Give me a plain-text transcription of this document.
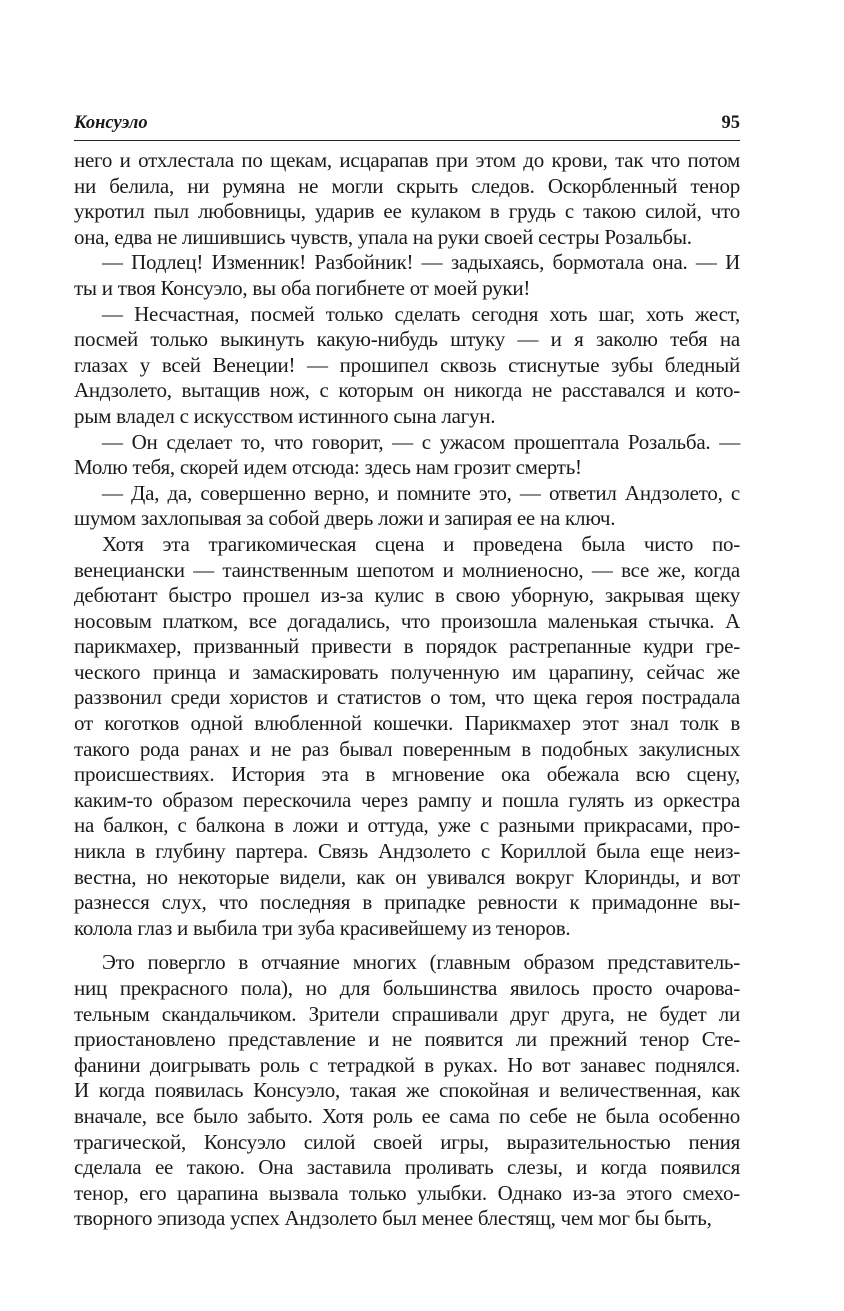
Консуэло	95

него и отхлестала по щекам, исцарапав при этом до крови, так что потом
ни белила, ни румяна не могли скрыть следов. Оскорбленный тенор
укротил пыл любовницы, ударив ее кулаком в грудь с такою силой, что
она, едва не лишившись чувств, упала на руки своей сестры Розальбы.

— Подлец! Изменник! Разбойник! — задыхаясь, бормотала она. — И
ты и твоя Консуэло, вы оба погибнете от моей руки!

— Несчастная, посмей только сделать сегодня хоть шаг, хоть жест,
посмей только выкинуть какую-нибудь штуку — и я заколю тебя на
глазах у всей Венеции! — прошипел сквозь стиснутые зубы бледный
Андзолето, вытащив нож, с которым он никогда не расставался и кото-
рым владел с искусством истинного сына лагун.

— Он сделает то, что говорит, — с ужасом прошептала Розальба. —
Молю тебя, скорей идем отсюда: здесь нам грозит смерть!

— Да, да, совершенно верно, и помните это, — ответил Андзолето, с
шумом захлопывая за собой дверь ложи и запирая ее на ключ.

Хотя эта трагикомическая сцена и проведена была чисто по-
венециански — таинственным шепотом и молниеносно, — все же, когда
дебютант быстро прошел из-за кулис в свою уборную, закрывая щеку
носовым платком, все догадались, что произошла маленькая стычка. А
парикмахер, призванный привести в порядок растрепанные кудри гре-
ческого принца и замаскировать полученную им царапину, сейчас же
раззвонил среди хористов и статистов о том, что щека героя пострадала
от коготков одной влюбленной кошечки. Парикмахер этот знал толк в
такого рода ранах и не раз бывал поверенным в подобных закулисных
происшествиях. История эта в мгновение ока обежала всю сцену,
каким-то образом перескочила через рампу и пошла гулять из оркестра
на балкон, с балкона в ложи и оттуда, уже с разными прикрасами, про-
никла в глубину партера. Связь Андзолето с Кориллой была еще неиз-
вестна, но некоторые видели, как он увивался вокруг Клоринды, и вот
разнесся слух, что последняя в припадке ревности к примадонне вы-
колола глаз и выбила три зуба красивейшему из теноров.

Это повергло в отчаяние многих (главным образом представитель-
ниц прекрасного пола), но для большинства явилось просто очарова-
тельным скандальчиком. Зрители спрашивали друг друга, не будет ли
приостановлено представление и не появится ли прежний тенор Сте-
фанини доигрывать роль с тетрадкой в руках. Но вот занавес поднялся.
И когда появилась Консуэло, такая же спокойная и величественная, как
вначале, все было забыто. Хотя роль ее сама по себе не была особенно
трагической, Консуэло силой своей игры, выразительностью пения
сделала ее такою. Она заставила проливать слезы, и когда появился
тенор, его царапина вызвала только улыбки. Однако из-за этого смехо-
творного эпизода успех Андзолето был менее блестящ, чем мог бы быть,
